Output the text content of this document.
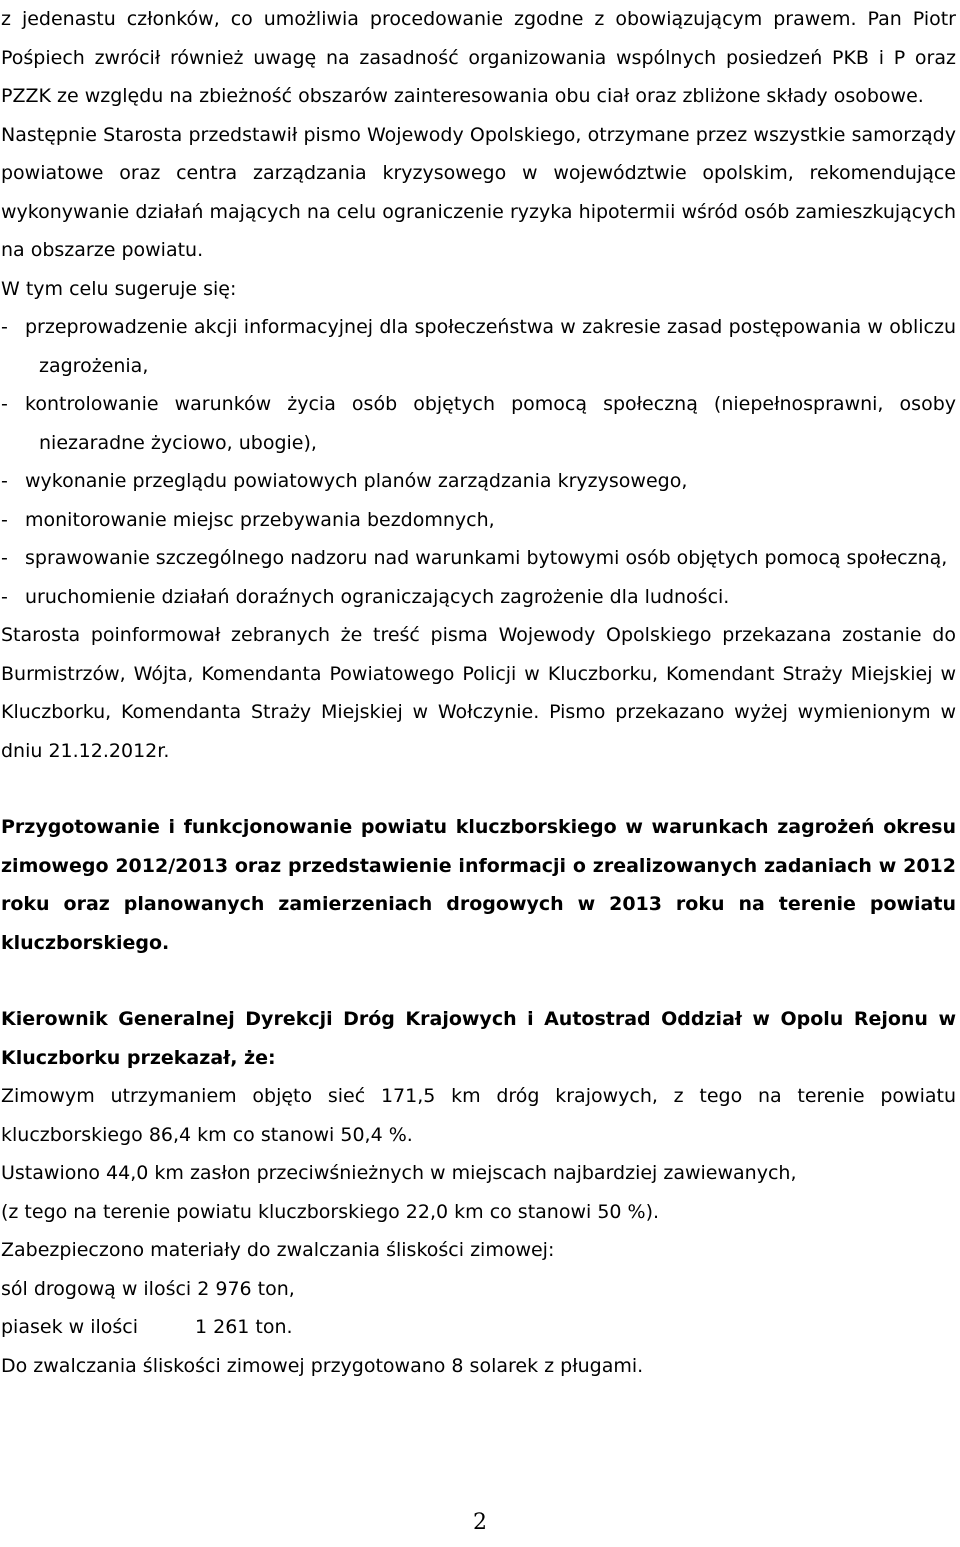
z jedenastu członków, co umożliwia procedowanie zgodne z obowiązującym prawem. Pan Piotr Pośpiech zwrócił również uwagę na zasadność organizowania wspólnych posiedzeń PKB i P oraz PZZK ze względu na zbieżność obszarów zainteresowania obu ciał oraz zbliżone składy osobowe.

Następnie Starosta przedstawił pismo Wojewody Opolskiego, otrzymane przez wszystkie samorządy powiatowe oraz centra zarządzania kryzysowego w województwie opolskim, rekomendujące wykonywanie działań mających na celu ograniczenie ryzyka hipotermii wśród osób zamieszkujących na obszarze powiatu.

W tym celu sugeruje się:

- przeprowadzenie akcji informacyjnej dla społeczeństwa w zakresie zasad postępowania w obliczu zagrożenia,

- kontrolowanie warunków życia osób objętych pomocą społeczną (niepełnosprawni, osoby niezaradne życiowo, ubogie),

- wykonanie przeglądu powiatowych planów zarządzania kryzysowego,

- monitorowanie miejsc przebywania bezdomnych,

- sprawowanie szczególnego nadzoru nad warunkami bytowymi osób objętych pomocą społeczną,

- uruchomienie działań doraźnych ograniczających zagrożenie dla ludności.

Starosta poinformował zebranych że treść pisma Wojewody Opolskiego przekazana zostanie do Burmistrzów, Wójta, Komendanta Powiatowego Policji w Kluczborku, Komendant Straży Miejskiej w Kluczborku, Komendanta Straży Miejskiej w Wołczynie. Pismo przekazano wyżej wymienionym w dniu 21.12.2012r.

Przygotowanie i funkcjonowanie powiatu kluczborskiego w warunkach zagrożeń okresu zimowego 2012/2013 oraz przedstawienie informacji o zrealizowanych zadaniach w 2012 roku oraz planowanych zamierzeniach drogowych w 2013 roku na terenie powiatu kluczborskiego.

Kierownik Generalnej Dyrekcji Dróg Krajowych i Autostrad Oddział w Opolu Rejonu w Kluczborku przekazał, że:

Zimowym utrzymaniem objęto sieć 171,5 km dróg krajowych, z tego na terenie powiatu kluczborskiego 86,4 km co stanowi 50,4 %.

Ustawiono 44,0 km zasłon przeciwśnieżnych w miejscach najbardziej zawiewanych,

(z tego na terenie powiatu kluczborskiego 22,0 km co stanowi 50 %).

Zabezpieczono materiały do zwalczania śliskości zimowej:

sól drogową w ilości 2 976 ton,

piasek w ilości	1 261 ton.

Do zwalczania śliskości zimowej przygotowano 8 solarek z pługami.

2
